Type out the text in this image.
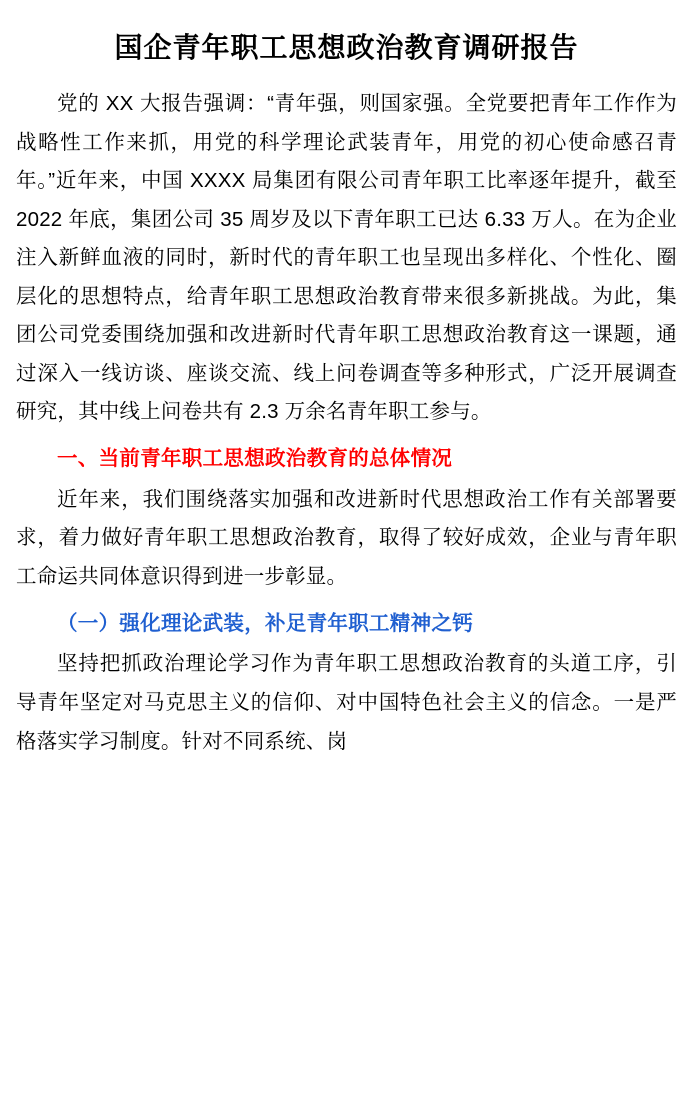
国企青年职工思想政治教育调研报告

党的 XX 大报告强调：“青年强，则国家强。全党要把青年工作作为战略性工作来抓，用党的科学理论武装青年，用党的初心使命感召青年。”近年来，中国 XXXX 局集团有限公司青年职工比率逐年提升，截至 2022 年底，集团公司 35 周岁及以下青年职工已达 6.33 万人。在为企业注入新鲜血液的同时，新时代的青年职工也呈现出多样化、个性化、圈层化的思想特点，给青年职工思想政治教育带来很多新挑战。为此，集团公司党委围绕加强和改进新时代青年职工思想政治教育这一课题，通过深入一线访谈、座谈交流、线上问卷调查等多种形式，广泛开展调查研究，其中线上问卷共有 2.3 万余名青年职工参与。

一、当前青年职工思想政治教育的总体情况

近年来，我们围绕落实加强和改进新时代思想政治工作有关部署要求，着力做好青年职工思想政治教育，取得了较好成效，企业与青年职工命运共同体意识得到进一步彰显。

（一）强化理论武装，补足青年职工精神之钙

坚持把抓政治理论学习作为青年职工思想政治教育的头道工序，引导青年坚定对马克思主义的信仰、对中国特色社会主义的信念。一是严格落实学习制度。针对不同系统、岗
